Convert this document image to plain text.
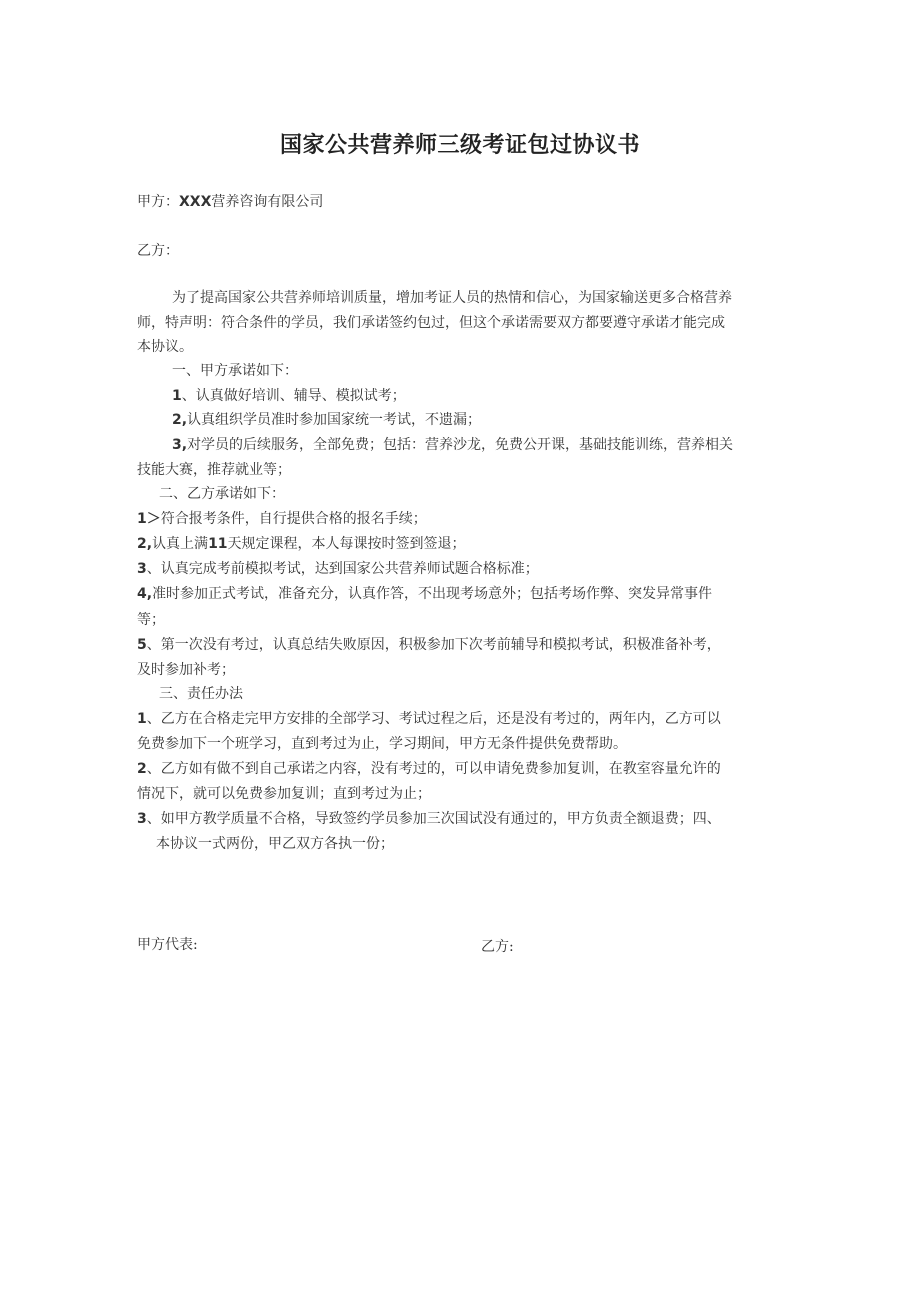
国家公共营养师三级考证包过协议书
甲方：XXX营养咨询有限公司
乙方：
为了提高国家公共营养师培训质量，增加考证人员的热情和信心，为国家输送更多合格营养
师，特声明：符合条件的学员，我们承诺签约包过，但这个承诺需要双方都要遵守承诺才能完成
本协议。
一、甲方承诺如下：
1、认真做好培训、辅导、模拟试考；
2,认真组织学员准时参加国家统一考试，不遗漏；
3,对学员的后续服务，全部免费；包括：营养沙龙，免费公开课，基础技能训练，营养相关
技能大赛，推荐就业等；
二、乙方承诺如下：
1＞符合报考条件，自行提供合格的报名手续；
2,认真上满11天规定课程，本人每课按时签到签退；
3、认真完成考前模拟考试，达到国家公共营养师试题合格标准；
4,准时参加正式考试，准备充分，认真作答，不出现考场意外；包括考场作弊、突发异常事件
等；
5、第一次没有考过，认真总结失败原因，积极参加下次考前辅导和模拟考试，积极准备补考，
及时参加补考；
三、责任办法
1、乙方在合格走完甲方安排的全部学习、考试过程之后，还是没有考过的，两年内，乙方可以
免费参加下一个班学习，直到考过为止，学习期间，甲方无条件提供免费帮助。
2、乙方如有做不到自己承诺之内容，没有考过的，可以申请免费参加复训，在教室容量允许的
情况下，就可以免费参加复训；直到考过为止；
3、如甲方教学质量不合格，导致签约学员参加三次国试没有通过的，甲方负责全额退费；四、
本协议一式两份，甲乙双方各执一份；
甲方代表:	乙方:
